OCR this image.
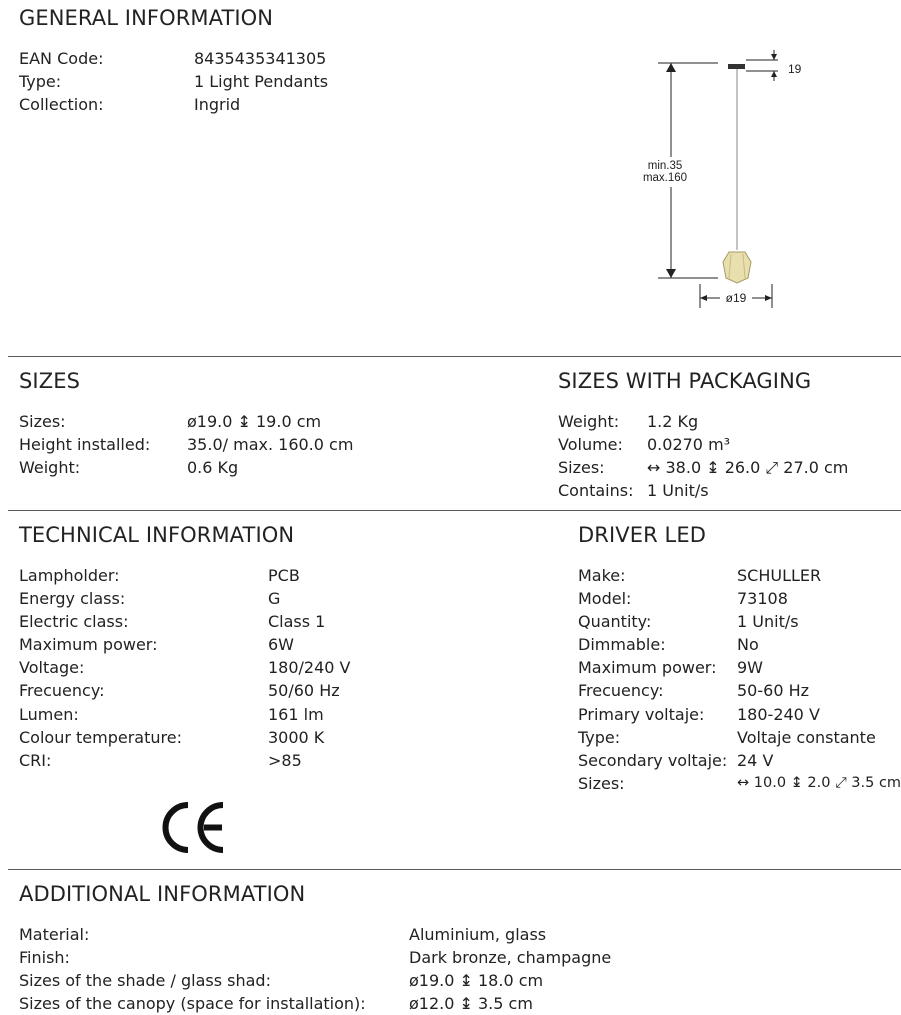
GENERAL INFORMATION
EAN Code:	8435435341305
Type:	1 Light Pendants
Collection:	Ingrid
min.35
max.160
19
ø19
SIZES
Sizes:	ø19.0 ↨ 19.0 cm
Height installed:	35.0/ max. 160.0 cm
Weight:	0.6 Kg
SIZES WITH PACKAGING
Weight:	1.2 Kg
Volume:	0.0270 m³
Sizes:	↔ 38.0 ↨ 26.0 ⤢ 27.0 cm
Contains: 1 Unit/s
TECHNICAL INFORMATION
Lampholder:	PCB
Energy class:	G
Electric class:	Class 1
Maximum power:	6W
Voltage:	180/240 V
Frecuency:	50/60 Hz
Lumen:	161 lm
Colour temperature:	3000 K
CRI:	>85
DRIVER LED
Make:	SCHULLER
Model:	73108
Quantity:	1 Unit/s
Dimmable:	No
Maximum power:	9W
Frecuency:	50-60 Hz
Primary voltaje:	180-240 V
Type:	Voltaje constante
Secondary voltaje: 24 V
Sizes:	↔ 10.0 ↨ 2.0 ⤢ 3.5 cm
ADDITIONAL INFORMATION
Material:	Aluminium, glass
Finish:	Dark bronze, champagne
Sizes of the shade / glass shad:	ø19.0 ↨ 18.0 cm
Sizes of the canopy (space for installation):	ø12.0 ↨ 3.5 cm
